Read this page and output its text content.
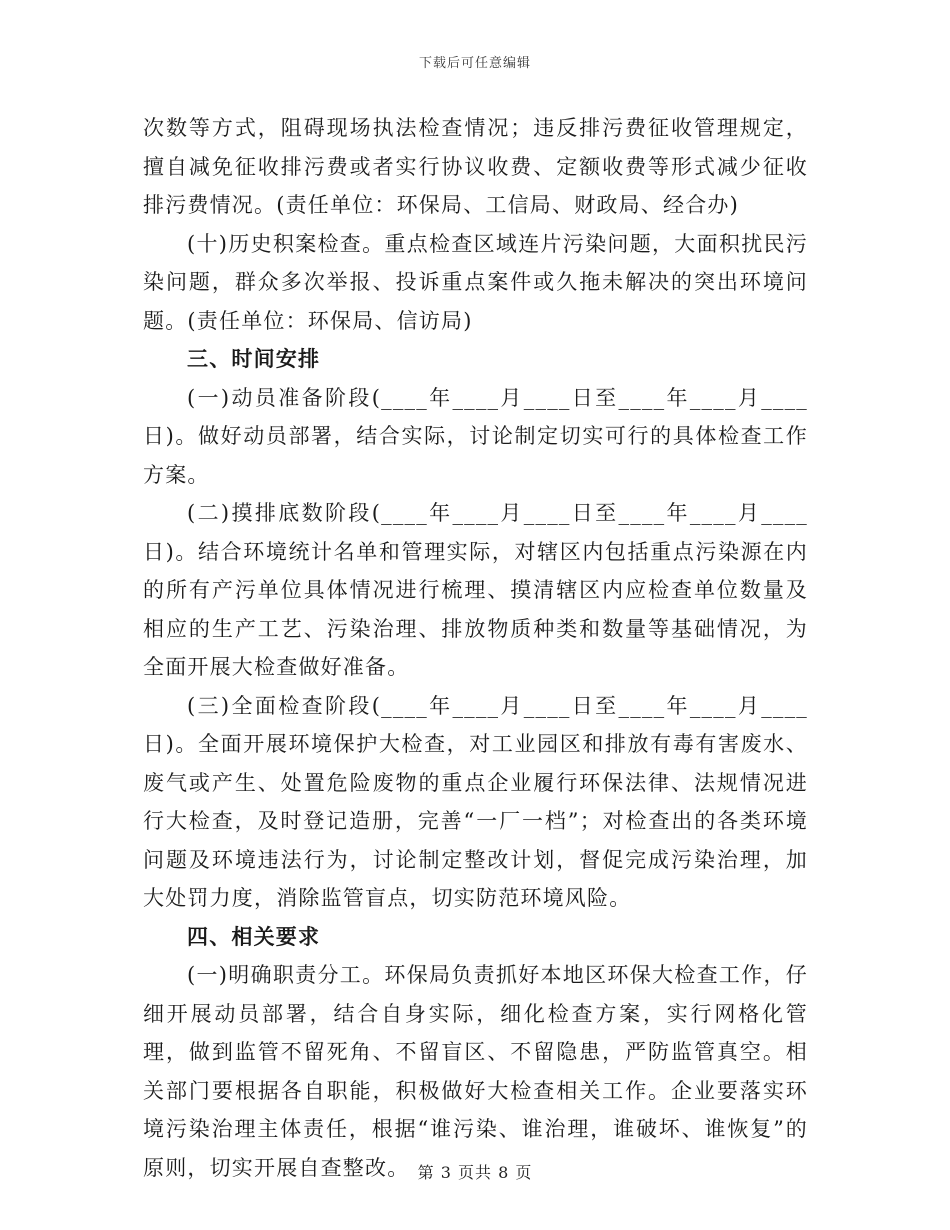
下载后可任意编辑

次数等方式，阻碍现场执法检查情况；违反排污费征收管理规定，擅自减免征收排污费或者实行协议收费、定额收费等形式减少征收排污费情况。(责任单位：环保局、工信局、财政局、经合办)

(十)历史积案检查。重点检查区域连片污染问题，大面积扰民污染问题，群众多次举报、投诉重点案件或久拖未解决的突出环境问题。(责任单位：环保局、信访局)

三、时间安排

(一)动员准备阶段(____年____月____日至____年____月____日)。做好动员部署，结合实际，讨论制定切实可行的具体检查工作方案。

(二)摸排底数阶段(____年____月____日至____年____月____日)。结合环境统计名单和管理实际，对辖区内包括重点污染源在内的所有产污单位具体情况进行梳理、摸清辖区内应检查单位数量及相应的生产工艺、污染治理、排放物质种类和数量等基础情况，为全面开展大检查做好准备。

(三)全面检查阶段(____年____月____日至____年____月____日)。全面开展环境保护大检查，对工业园区和排放有毒有害废水、废气或产生、处置危险废物的重点企业履行环保法律、法规情况进行大检查，及时登记造册，完善“一厂一档”；对检查出的各类环境问题及环境违法行为，讨论制定整改计划，督促完成污染治理，加大处罚力度，消除监管盲点，切实防范环境风险。

四、相关要求

(一)明确职责分工。环保局负责抓好本地区环保大检查工作，仔细开展动员部署，结合自身实际，细化检查方案，实行网格化管理，做到监管不留死角、不留盲区、不留隐患，严防监管真空。相关部门要根据各自职能，积极做好大检查相关工作。企业要落实环境污染治理主体责任，根据“谁污染、谁治理，谁破坏、谁恢复”的原则，切实开展自查整改。 第 3 页共 8 页
